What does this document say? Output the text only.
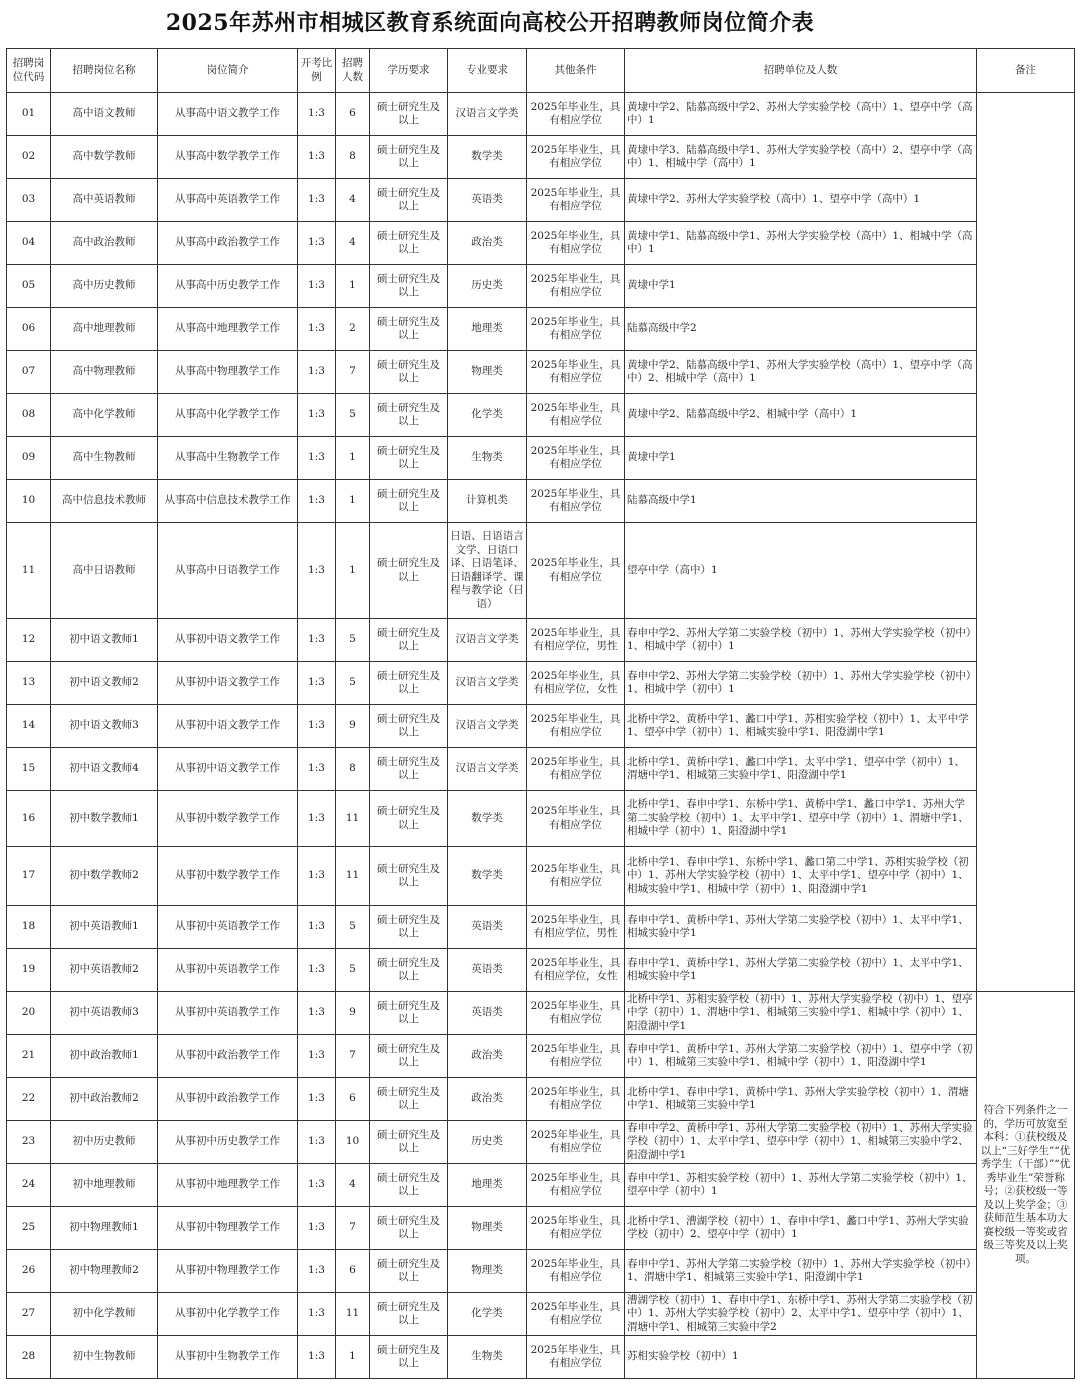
2025年苏州市相城区教育系统面向高校公开招聘教师岗位简介表
招聘岗位代码	招聘岗位名称	岗位简介	开考比例	招聘人数	学历要求	专业要求	其他条件	招聘单位及人数	备注
01	高中语文教师	从事高中语文教学工作	1:3	6	硕士研究生及以上	汉语言文学类	2025年毕业生，具有相应学位	黄埭中学2、陆慕高级中学2、苏州大学实验学校（高中）1、望亭中学（高中）1	
02	高中数学教师	从事高中数学教学工作	1:3	8	硕士研究生及以上	数学类	2025年毕业生，具有相应学位	黄埭中学3、陆慕高级中学1、苏州大学实验学校（高中）2、望亭中学（高中）1、相城中学（高中）1	
03	高中英语教师	从事高中英语教学工作	1:3	4	硕士研究生及以上	英语类	2025年毕业生，具有相应学位	黄埭中学2、苏州大学实验学校（高中）1、望亭中学（高中）1	
04	高中政治教师	从事高中政治教学工作	1:3	4	硕士研究生及以上	政治类	2025年毕业生，具有相应学位	黄埭中学1、陆慕高级中学1、苏州大学实验学校（高中）1、相城中学（高中）1	
05	高中历史教师	从事高中历史教学工作	1:3	1	硕士研究生及以上	历史类	2025年毕业生，具有相应学位	黄埭中学1	
06	高中地理教师	从事高中地理教学工作	1:3	2	硕士研究生及以上	地理类	2025年毕业生，具有相应学位	陆慕高级中学2	
07	高中物理教师	从事高中物理教学工作	1:3	7	硕士研究生及以上	物理类	2025年毕业生，具有相应学位	黄埭中学2、陆慕高级中学1、苏州大学实验学校（高中）1、望亭中学（高中）2、相城中学（高中）1	
08	高中化学教师	从事高中化学教学工作	1:3	5	硕士研究生及以上	化学类	2025年毕业生，具有相应学位	黄埭中学2、陆慕高级中学2、相城中学（高中）1	
09	高中生物教师	从事高中生物教学工作	1:3	1	硕士研究生及以上	生物类	2025年毕业生，具有相应学位	黄埭中学1	
10	高中信息技术教师	从事高中信息技术教学工作	1:3	1	硕士研究生及以上	计算机类	2025年毕业生，具有相应学位	陆慕高级中学1	
11	高中日语教师	从事高中日语教学工作	1:3	1	硕士研究生及以上	日语、日语语言文学、日语口译、日语笔译、日语翻译学、课程与教学论（日语）	2025年毕业生，具有相应学位	望亭中学（高中）1	
12	初中语文教师1	从事初中语文教学工作	1:3	5	硕士研究生及以上	汉语言文学类	2025年毕业生，具有相应学位，男性	春申中学2、苏州大学第二实验学校（初中）1、苏州大学实验学校（初中）1、相城中学（初中）1	
13	初中语文教师2	从事初中语文教学工作	1:3	5	硕士研究生及以上	汉语言文学类	2025年毕业生，具有相应学位，女性	春申中学2、苏州大学第二实验学校（初中）1、苏州大学实验学校（初中）1、相城中学（初中）1	
14	初中语文教师3	从事初中语文教学工作	1:3	9	硕士研究生及以上	汉语言文学类	2025年毕业生，具有相应学位	北桥中学2、黄桥中学1、蠡口中学1、苏相实验学校（初中）1、太平中学1、望亭中学（初中）1、相城实验中学1、阳澄湖中学1	
15	初中语文教师4	从事初中语文教学工作	1:3	8	硕士研究生及以上	汉语言文学类	2025年毕业生，具有相应学位	北桥中学1、黄桥中学1、蠡口中学1、太平中学1、望亭中学（初中）1、渭塘中学1、相城第三实验中学1、阳澄湖中学1	
16	初中数学教师1	从事初中数学教学工作	1:3	11	硕士研究生及以上	数学类	2025年毕业生，具有相应学位	北桥中学1、春申中学1、东桥中学1、黄桥中学1、蠡口中学1、苏州大学第二实验学校（初中）1、太平中学1、望亭中学（初中）1、渭塘中学1、相城中学（初中）1、阳澄湖中学1	
17	初中数学教师2	从事初中数学教学工作	1:3	11	硕士研究生及以上	数学类	2025年毕业生，具有相应学位	北桥中学1、春申中学1、东桥中学1、蠡口第二中学1、苏相实验学校（初中）1、苏州大学实验学校（初中）1、太平中学1、望亭中学（初中）1、相城实验中学1、相城中学（初中）1、阳澄湖中学1	
18	初中英语教师1	从事初中英语教学工作	1:3	5	硕士研究生及以上	英语类	2025年毕业生，具有相应学位，男性	春申中学1、黄桥中学1、苏州大学第二实验学校（初中）1、太平中学1、相城实验中学1	
19	初中英语教师2	从事初中英语教学工作	1:3	5	硕士研究生及以上	英语类	2025年毕业生，具有相应学位，女性	春申中学1、黄桥中学1、苏州大学第二实验学校（初中）1、太平中学1、相城实验中学1	
20	初中英语教师3	从事初中英语教学工作	1:3	9	硕士研究生及以上	英语类	2025年毕业生，具有相应学位	北桥中学1、苏相实验学校（初中）1、苏州大学实验学校（初中）1、望亭中学（初中）1、渭塘中学1、相城第三实验中学1、相城中学（初中）1、阳澄湖中学1	符合下列条件之一的，学历可放宽至本科：①获校级及以上“三好学生”“优秀学生（干部）”“优秀毕业生”荣誉称号；②获校级一等及以上奖学金；③获师范生基本功大赛校级一等奖或省级三等奖及以上奖项。
21	初中政治教师1	从事初中政治教学工作	1:3	7	硕士研究生及以上	政治类	2025年毕业生，具有相应学位	春申中学1、黄桥中学1、苏州大学第二实验学校（初中）1、望亭中学（初中）1、相城第三实验中学1、相城中学（初中）1、阳澄湖中学1	
22	初中政治教师2	从事初中政治教学工作	1:3	6	硕士研究生及以上	政治类	2025年毕业生，具有相应学位	北桥中学1、春申中学1、黄桥中学1、苏州大学实验学校（初中）1、渭塘中学1、相城第三实验中学1	
23	初中历史教师	从事初中历史教学工作	1:3	10	硕士研究生及以上	历史类	2025年毕业生，具有相应学位	春申中学2、黄桥中学1、苏州大学第二实验学校（初中）1、苏州大学实验学校（初中）1、太平中学1、望亭中学（初中）1、相城第三实验中学2、阳澄湖中学1	
24	初中地理教师	从事初中地理教学工作	1:3	4	硕士研究生及以上	地理类	2025年毕业生，具有相应学位	春申中学1、苏相实验学校（初中）1、苏州大学第二实验学校（初中）1、望亭中学（初中）1	
25	初中物理教师1	从事初中物理教学工作	1:3	7	硕士研究生及以上	物理类	2025年毕业生，具有相应学位	北桥中学1、漕湖学校（初中）1、春申中学1、蠡口中学1、苏州大学实验学校（初中）2、望亭中学（初中）1	
26	初中物理教师2	从事初中物理教学工作	1:3	6	硕士研究生及以上	物理类	2025年毕业生，具有相应学位	春申中学1、苏州大学第二实验学校（初中）1、苏州大学实验学校（初中）1、渭塘中学1、相城第三实验中学1、阳澄湖中学1	
27	初中化学教师	从事初中化学教学工作	1:3	11	硕士研究生及以上	化学类	2025年毕业生，具有相应学位	漕湖学校（初中）1、春申中学1、东桥中学1、苏州大学第二实验学校（初中）1、苏州大学实验学校（初中）2、太平中学1、望亭中学（初中）1、渭塘中学1、相城第三实验中学2	
28	初中生物教师	从事初中生物教学工作	1:3	1	硕士研究生及以上	生物类	2025年毕业生，具有相应学位	苏相实验学校（初中）1	
